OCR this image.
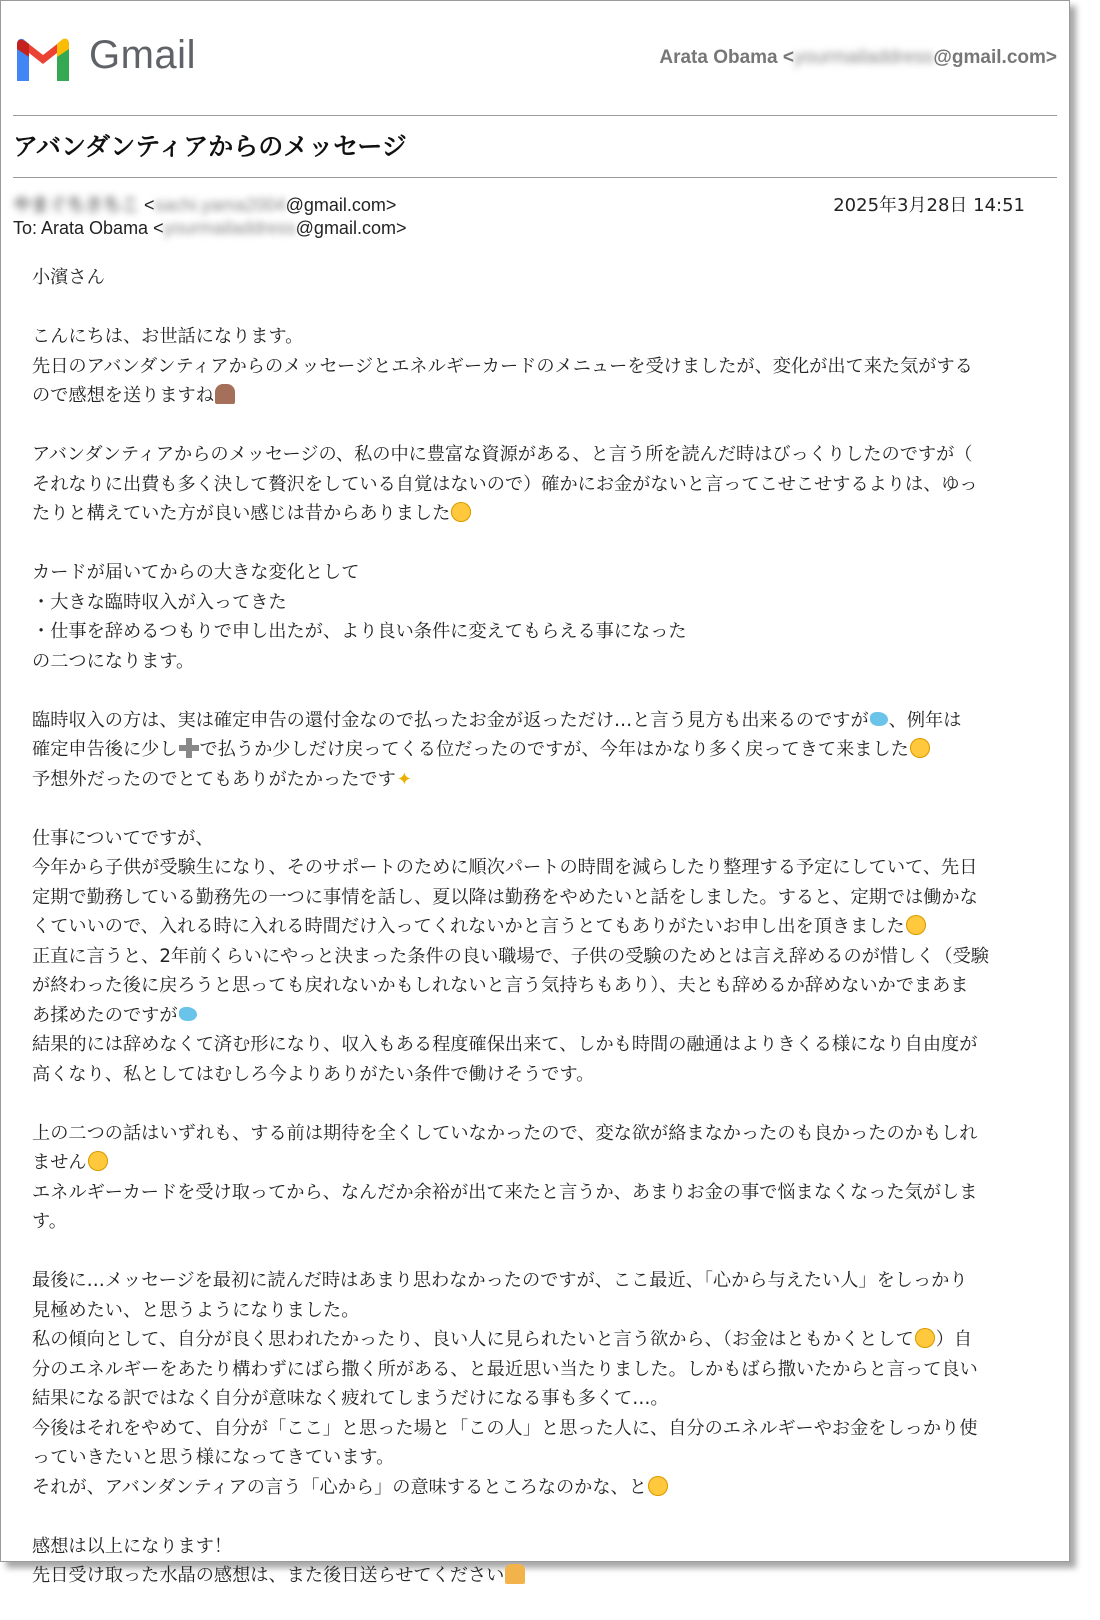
Gmail	Arata Obama <yourmailaddress@gmail.com>
アバンダンティアからのメッセージ
やまぐちさちこ <sachi.yama2004@gmail.com>	2025年3月28日 14:51
To: Arata Obama <yourmailaddress@gmail.com>

小濱さん

こんにちは、お世話になります。
先日のアバンダンティアからのメッセージとエネルギーカードのメニューを受けましたが、変化が出て来た気がする
ので感想を送りますね

アバンダンティアからのメッセージの、私の中に豊富な資源がある、と言う所を読んだ時はびっくりしたのですが（
それなりに出費も多く決して贅沢をしている自覚はないので）確かにお金がないと言ってこせこせするよりは、ゆっ
たりと構えていた方が良い感じは昔からありました

カードが届いてからの大きな変化として
・大きな臨時収入が入ってきた
・仕事を辞めるつもりで申し出たが、より良い条件に変えてもらえる事になった
の二つになります。

臨時収入の方は、実は確定申告の還付金なので払ったお金が返っただけ…と言う見方も出来るのですが 、例年は
確定申告後に少し で払うか少しだけ戻ってくる位だったのですが、今年はかなり多く戻ってきて来ました
予想外だったのでとてもありがたかったです✦

仕事についてですが、
今年から子供が受験生になり、そのサポートのために順次パートの時間を減らしたり整理する予定にしていて、先日
定期で勤務している勤務先の一つに事情を話し、夏以降は勤務をやめたいと話をしました。すると、定期では働かな
くていいので、入れる時に入れる時間だけ入ってくれないかと言うとてもありがたいお申し出を頂きました
正直に言うと、2年前くらいにやっと決まった条件の良い職場で、子供の受験のためとは言え辞めるのが惜しく（受験
が終わった後に戻ろうと思っても戻れないかもしれないと言う気持ちもあり）、夫とも辞めるか辞めないかでまあま
あ揉めたのですが
結果的には辞めなくて済む形になり、収入もある程度確保出来て、しかも時間の融通はよりきくる様になり自由度が
高くなり、私としてはむしろ今よりありがたい条件で働けそうです。

上の二つの話はいずれも、する前は期待を全くしていなかったので、変な欲が絡まなかったのも良かったのかもしれ
ません
エネルギーカードを受け取ってから、なんだか余裕が出て来たと言うか、あまりお金の事で悩まなくなった気がしま
す。

最後に…メッセージを最初に読んだ時はあまり思わなかったのですが、ここ最近、「心から与えたい人」をしっかり
見極めたい、と思うようになりました。
私の傾向として、自分が良く思われたかったり、良い人に見られたいと言う欲から、（お金はともかくとして ）自
分のエネルギーをあたり構わずにばら撒く所がある、と最近思い当たりました。しかもばら撒いたからと言って良い
結果になる訳ではなく自分が意味なく疲れてしまうだけになる事も多くて…。
今後はそれをやめて、自分が「ここ」と思った場と「この人」と思った人に、自分のエネルギーやお金をしっかり使
っていきたいと思う様になってきています。
それが、アバンダンティアの言う「心から」の意味するところなのかな、と

感想は以上になります！
先日受け取った水晶の感想は、また後日送らせてください
